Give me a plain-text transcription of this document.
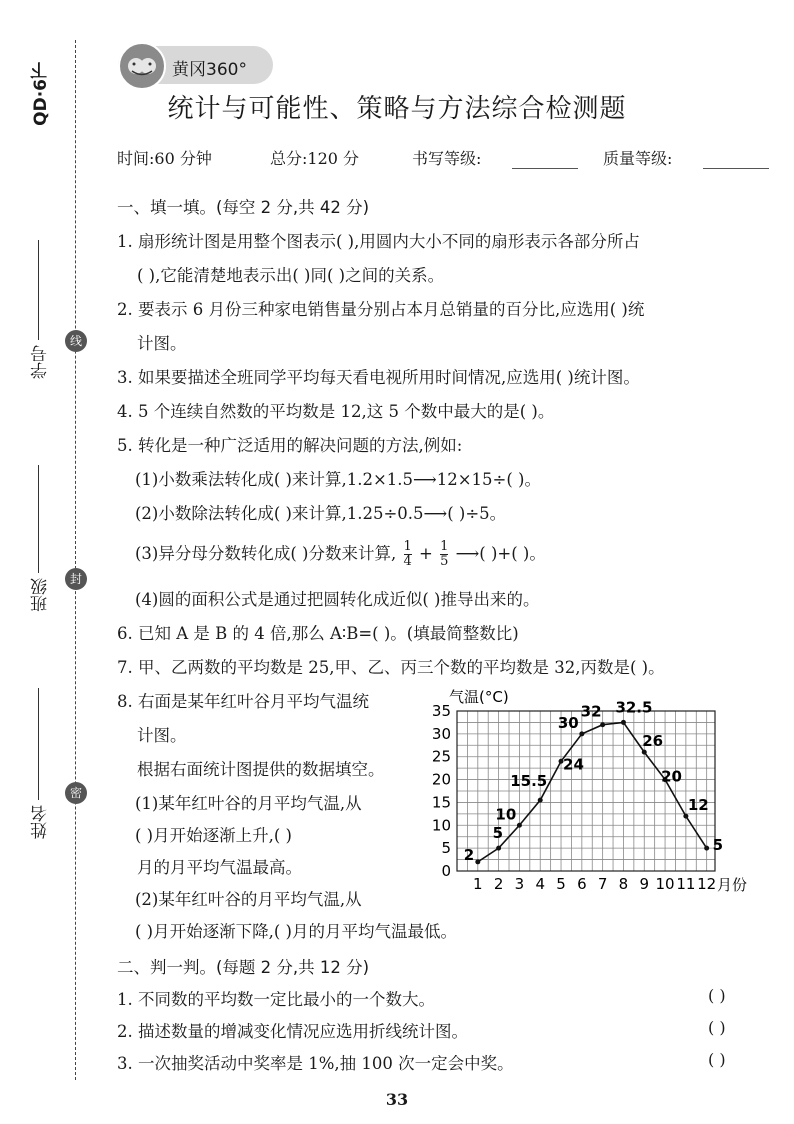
QD·6下
学号
班级
姓名
线
封
密
黄冈360°
统计与可能性、策略与方法综合检测题
时间:60 分钟	总分:120 分	书写等级:	质量等级:
一、填一填。(每空 2 分,共 42 分)
1. 扇形统计图是用整个图表示( ),用圆内大小不同的扇形表示各部分所占
( ),它能清楚地表示出( )同( )之间的关系。
2. 要表示 6 月份三种家电销售量分别占本月总销量的百分比,应选用( )统
计图。
3. 如果要描述全班同学平均每天看电视所用时间情况,应选用( )统计图。
4. 5 个连续自然数的平均数是 12,这 5 个数中最大的是( )。
5. 转化是一种广泛适用的解决问题的方法,例如:
(1)小数乘法转化成( )来计算,1.2×1.5⟶12×15÷( )。
(2)小数除法转化成( )来计算,1.25÷0.5⟶( )÷5。
(3)异分母分数转化成( )分数来计算, $\frac{1}{4} + \frac{1}{5}$ ⟶( )+( )。
(4)圆的面积公式是通过把圆转化成近似( )推导出来的。
6. 已知 A 是 B 的 4 倍,那么 A∶B=( )。(填最简整数比)
7. 甲、乙两数的平均数是 25,甲、乙、丙三个数的平均数是 32,丙数是( )。
8. 右面是某年红叶谷月平均气温统
计图。
根据右面统计图提供的数据填空。
(1)某年红叶谷的月平均气温,从
( )月开始逐渐上升,( )
月的月平均气温最高。
(2)某年红叶谷的月平均气温,从
( )月开始逐渐下降,( )月的月平均气温最低。
0
5
10
15
20
25
30
35
气温(°C)
1 2 3 4 5 6 7 8 9 10 11 12 月份
2
5
10
15.5
24
30
32 32.5
26
20
12
5
二、判一判。(每题 2 分,共 12 分)
1. 不同数的平均数一定比最小的一个数大。	( )
2. 描述数量的增减变化情况应选用折线统计图。	( )
3. 一次抽奖活动中奖率是 1%,抽 100 次一定会中奖。	( )
33
